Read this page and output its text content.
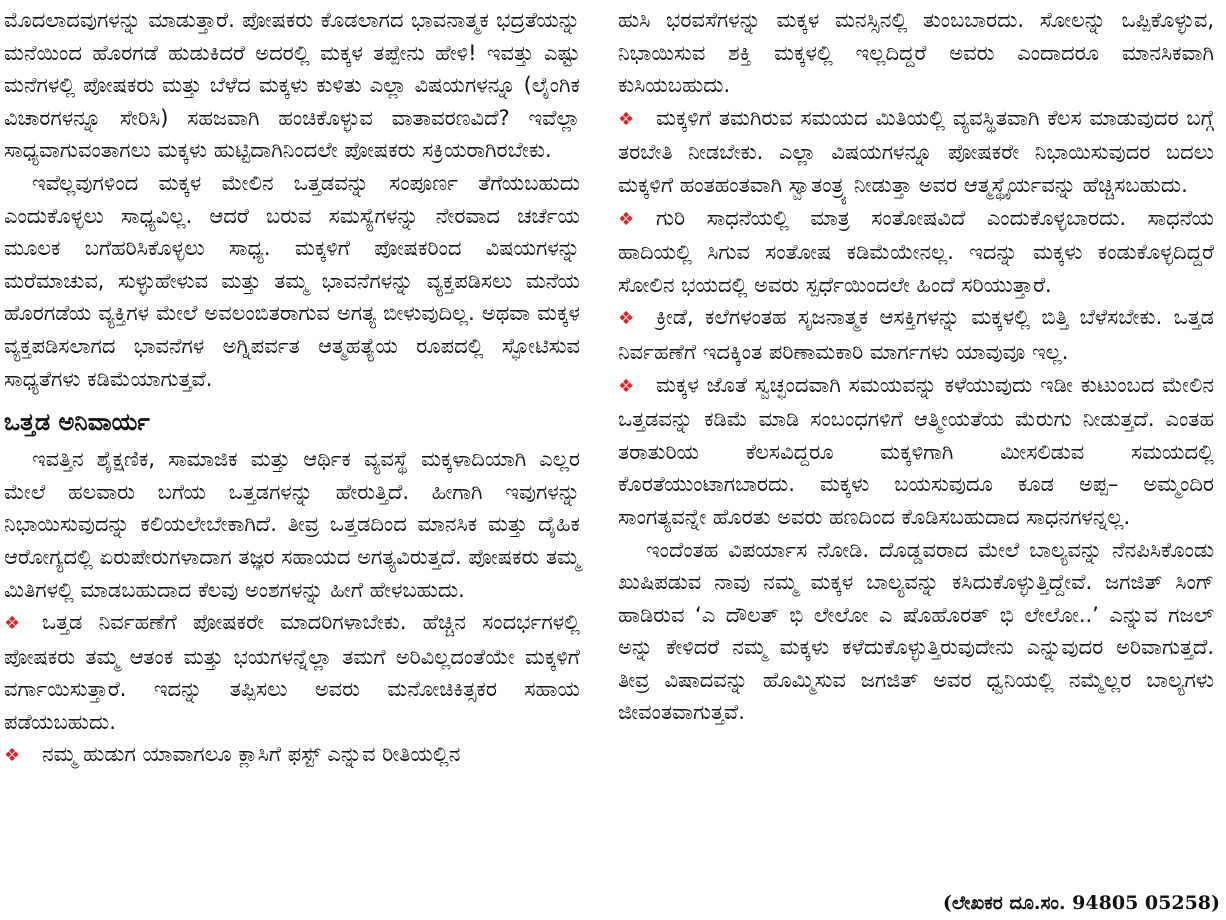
ಮೊದಲಾದವುಗಳನ್ನು ಮಾಡುತ್ತಾರೆ. ಪೋಷಕರು ಕೊಡಲಾಗದ ಭಾವನಾತ್ಮಕ ಭದ್ರತೆಯನ್ನು ಮನೆಯಿಂದ ಹೊರಗಡೆ ಹುಡುಕಿದರೆ ಅದರಲ್ಲಿ ಮಕ್ಕಳ ತಪ್ಪೇನು ಹೇಳಿ! ಇವತ್ತು ಎಷ್ಟು ಮನೆಗಳಲ್ಲಿ ಪೋಷಕರು ಮತ್ತು ಬೆಳೆದ ಮಕ್ಕಳು ಕುಳಿತು ಎಲ್ಲಾ ವಿಷಯಗಳನ್ನೂ (ಲೈಂಗಿಕ ವಿಚಾರಗಳನ್ನೂ ಸೇರಿಸಿ) ಸಹಜವಾಗಿ ಹಂಚಿಕೊಳ್ಳುವ ವಾತಾವರಣವಿದೆ? ಇವೆಲ್ಲಾ ಸಾಧ್ಯವಾಗುವಂತಾಗಲು ಮಕ್ಕಳು ಹುಟ್ಟಿದಾಗಿನಿಂದಲೇ ಪೋಷಕರು ಸಕ್ರಿಯರಾಗಿರಬೇಕು.

ಇವೆಲ್ಲವುಗಳಿಂದ ಮಕ್ಕಳ ಮೇಲಿನ ಒತ್ತಡವನ್ನು ಸಂಪೂರ್ಣ ತೆಗೆಯಬಹುದು ಎಂದುಕೊಳ್ಳಲು ಸಾಧ್ಯವಿಲ್ಲ. ಆದರೆ ಬರುವ ಸಮಸ್ಯೆಗಳನ್ನು ನೇರವಾದ ಚರ್ಚೆಯ ಮೂಲಕ ಬಗೆಹರಿಸಿಕೊಳ್ಳಲು ಸಾಧ್ಯ. ಮಕ್ಕಳಿಗೆ ಪೋಷಕರಿಂದ ವಿಷಯಗಳನ್ನು ಮರೆಮಾಚುವ, ಸುಳ್ಳುಹೇಳುವ ಮತ್ತು ತಮ್ಮ ಭಾವನೆಗಳನ್ನು ವ್ಯಕ್ತಪಡಿಸಲು ಮನೆಯ ಹೊರಗಡೆಯ ವ್ಯಕ್ತಿಗಳ ಮೇಲೆ ಅವಲಂಬಿತರಾಗುವ ಅಗತ್ಯ ಬೀಳುವುದಿಲ್ಲ. ಅಥವಾ ಮಕ್ಕಳ ವ್ಯಕ್ತಪಡಿಸಲಾಗದ ಭಾವನೆಗಳ ಅಗ್ನಿಪರ್ವತ ಆತ್ಮಹತ್ಯೆಯ ರೂಪದಲ್ಲಿ ಸ್ಫೋಟಿಸುವ ಸಾಧ್ಯತೆಗಳು ಕಡಿಮೆಯಾಗುತ್ತವೆ.

ಒತ್ತಡ ಅನಿವಾರ್ಯ

ಇವತ್ತಿನ ಶೈಕ್ಷಣಿಕ, ಸಾಮಾಜಿಕ ಮತ್ತು ಆರ್ಥಿಕ ವ್ಯವಸ್ಥೆ ಮಕ್ಕಳಾದಿಯಾಗಿ ಎಲ್ಲರ ಮೇಲೆ ಹಲವಾರು ಬಗೆಯ ಒತ್ತಡಗಳನ್ನು ಹೇರುತ್ತಿದೆ. ಹೀಗಾಗಿ ಇವುಗಳನ್ನು ನಿಭಾಯಿಸುವುದನ್ನು ಕಲಿಯಲೇಬೇಕಾಗಿದೆ. ತೀವ್ರ ಒತ್ತಡದಿಂದ ಮಾನಸಿಕ ಮತ್ತು ದೈಹಿಕ ಆರೋಗ್ಯದಲ್ಲಿ ಏರುಪೇರುಗಳಾದಾಗ ತಜ್ಞರ ಸಹಾಯದ ಅಗತ್ಯವಿರುತ್ತದೆ. ಪೋಷಕರು ತಮ್ಮ ಮಿತಿಗಳಲ್ಲಿ ಮಾಡಬಹುದಾದ ಕೆಲವು ಅಂಶಗಳನ್ನು ಹೀಗೆ ಹೇಳಬಹುದು.

❖ ಒತ್ತಡ ನಿರ್ವಹಣೆಗೆ ಪೋಷಕರೇ ಮಾದರಿಗಳಾಬೇಕು. ಹೆಚ್ಚಿನ ಸಂದರ್ಭಗಳಲ್ಲಿ ಪೋಷಕರು ತಮ್ಮ ಆತಂಕ ಮತ್ತು ಭಯಗಳನ್ನೆಲ್ಲಾ ತಮಗೆ ಅರಿವಿಲ್ಲದಂತೆಯೇ ಮಕ್ಕಳಿಗೆ ವರ್ಗಾಯಿಸುತ್ತಾರೆ. ಇದನ್ನು ತಪ್ಪಿಸಲು ಅವರು ಮನೋಚಿಕಿತ್ಸಕರ ಸಹಾಯ ಪಡೆಯಬಹುದು.

❖ ನಮ್ಮ ಹುಡುಗ ಯಾವಾಗಲೂ ಕ್ಲಾಸಿಗೆ ಫಸ್ಟ್ ಎನ್ನುವ ರೀತಿಯಲ್ಲಿನ

ಹುಸಿ ಭರವಸೆಗಳನ್ನು ಮಕ್ಕಳ ಮನಸ್ಸಿನಲ್ಲಿ ತುಂಬಬಾರದು. ಸೋಲನ್ನು ಒಪ್ಪಿಕೊಳ್ಳುವ, ನಿಭಾಯಿಸುವ ಶಕ್ತಿ ಮಕ್ಕಳಲ್ಲಿ ಇಲ್ಲದಿದ್ದರೆ ಅವರು ಎಂದಾದರೂ ಮಾನಸಿಕವಾಗಿ ಕುಸಿಯಬಹುದು.

❖ ಮಕ್ಕಳಿಗೆ ತಮಗಿರುವ ಸಮಯದ ಮಿತಿಯಲ್ಲಿ ವ್ಯವಸ್ಥಿತವಾಗಿ ಕೆಲಸ ಮಾಡುವುದರ ಬಗ್ಗೆ ತರಬೇತಿ ನೀಡಬೇಕು. ಎಲ್ಲಾ ವಿಷಯಗಳನ್ನೂ ಪೋಷಕರೇ ನಿಭಾಯಿಸುವುದರ ಬದಲು ಮಕ್ಕಳಿಗೆ ಹಂತಹಂತವಾಗಿ ಸ್ವಾತಂತ್ರ್ಯ ನೀಡುತ್ತಾ ಅವರ ಆತ್ಮಸ್ಥೈರ್ಯವನ್ನು ಹೆಚ್ಚಿಸಬಹುದು.

❖ ಗುರಿ ಸಾಧನೆಯಲ್ಲಿ ಮಾತ್ರ ಸಂತೋಷವಿದೆ ಎಂದುಕೊಳ್ಳಬಾರದು. ಸಾಧನೆಯ ಹಾದಿಯಲ್ಲಿ ಸಿಗುವ ಸಂತೋಷ ಕಡಿಮೆಯೇನಲ್ಲ. ಇದನ್ನು ಮಕ್ಕಳು ಕಂಡುಕೊಳ್ಳದಿದ್ದರೆ ಸೋಲಿನ ಭಯದಲ್ಲಿ ಅವರು ಸ್ಪರ್ಧೆಯಿಂದಲೇ ಹಿಂದೆ ಸರಿಯುತ್ತಾರೆ.

❖ ಕ್ರೀಡೆ, ಕಲೆಗಳಂತಹ ಸೃಜನಾತ್ಮಕ ಆಸಕ್ತಿಗಳನ್ನು ಮಕ್ಕಳಲ್ಲಿ ಬಿತ್ತಿ ಬೆಳೆಸಬೇಕು. ಒತ್ತಡ ನಿರ್ವಹಣೆಗೆ ಇದಕ್ಕಿಂತ ಪರಿಣಾಮಕಾರಿ ಮಾರ್ಗಗಳು ಯಾವುವೂ ಇಲ್ಲ.

❖ ಮಕ್ಕಳ ಜೊತೆ ಸ್ವಚ್ಛಂದವಾಗಿ ಸಮಯವನ್ನು ಕಳೆಯುವುದು ಇಡೀ ಕುಟುಂಬದ ಮೇಲಿನ ಒತ್ತಡವನ್ನು ಕಡಿಮೆ ಮಾಡಿ ಸಂಬಂಧಗಳಿಗೆ ಆತ್ಮೀಯತೆಯ ಮೆರುಗು ನೀಡುತ್ತದೆ. ಎಂತಹ ತರಾತುರಿಯ ಕೆಲಸವಿದ್ದರೂ ಮಕ್ಕಳಿಗಾಗಿ ಮೀಸಲಿಡುವ ಸಮಯದಲ್ಲಿ ಕೊರತೆಯುಂಟಾಗಬಾರದು. ಮಕ್ಕಳು ಬಯಸುವುದೂ ಕೂಡ ಅಪ್ಪ– ಅಮ್ಮಂದಿರ ಸಾಂಗತ್ಯವನ್ನೇ ಹೊರತು ಅವರು ಹಣದಿಂದ ಕೊಡಿಸಬಹುದಾದ ಸಾಧನಗಳನ್ನಲ್ಲ.

ಇಂದೆಂತಹ ವಿಪರ್ಯಾಸ ನೋಡಿ. ದೊಡ್ಡವರಾದ ಮೇಲೆ ಬಾಲ್ಯವನ್ನು ನೆನಪಿಸಿಕೊಂಡು ಖುಷಿಪಡುವ ನಾವು ನಮ್ಮ ಮಕ್ಕಳ ಬಾಲ್ಯವನ್ನು ಕಸಿದುಕೊಳ್ಳುತ್ತಿದ್ದೇವೆ. ಜಗಜಿತ್ ಸಿಂಗ್ ಹಾಡಿರುವ ‘ಎ ದೌಲತ್ ಭಿ ಲೇಲೋ ಎ ಷೊಹೊರತ್ ಭಿ ಲೇಲೋ..’ ಎನ್ನುವ ಗಜಲ್ ಅನ್ನು ಕೇಳಿದರೆ ನಮ್ಮ ಮಕ್ಕಳು ಕಳೆದುಕೊಳ್ಳುತ್ತಿರುವುದೇನು ಎನ್ನುವುದರ ಅರಿವಾಗುತ್ತದೆ. ತೀವ್ರ ವಿಷಾದವನ್ನು ಹೊಮ್ಮಿಸುವ ಜಗಜಿತ್ ಅವರ ಧ್ವನಿಯಲ್ಲಿ ನಮ್ಮೆಲ್ಲರ ಬಾಲ್ಯಗಳು ಜೀವಂತವಾಗುತ್ತವೆ.

(ಲೇಖಕರ ದೂ.ಸಂ. 94805 05258)
